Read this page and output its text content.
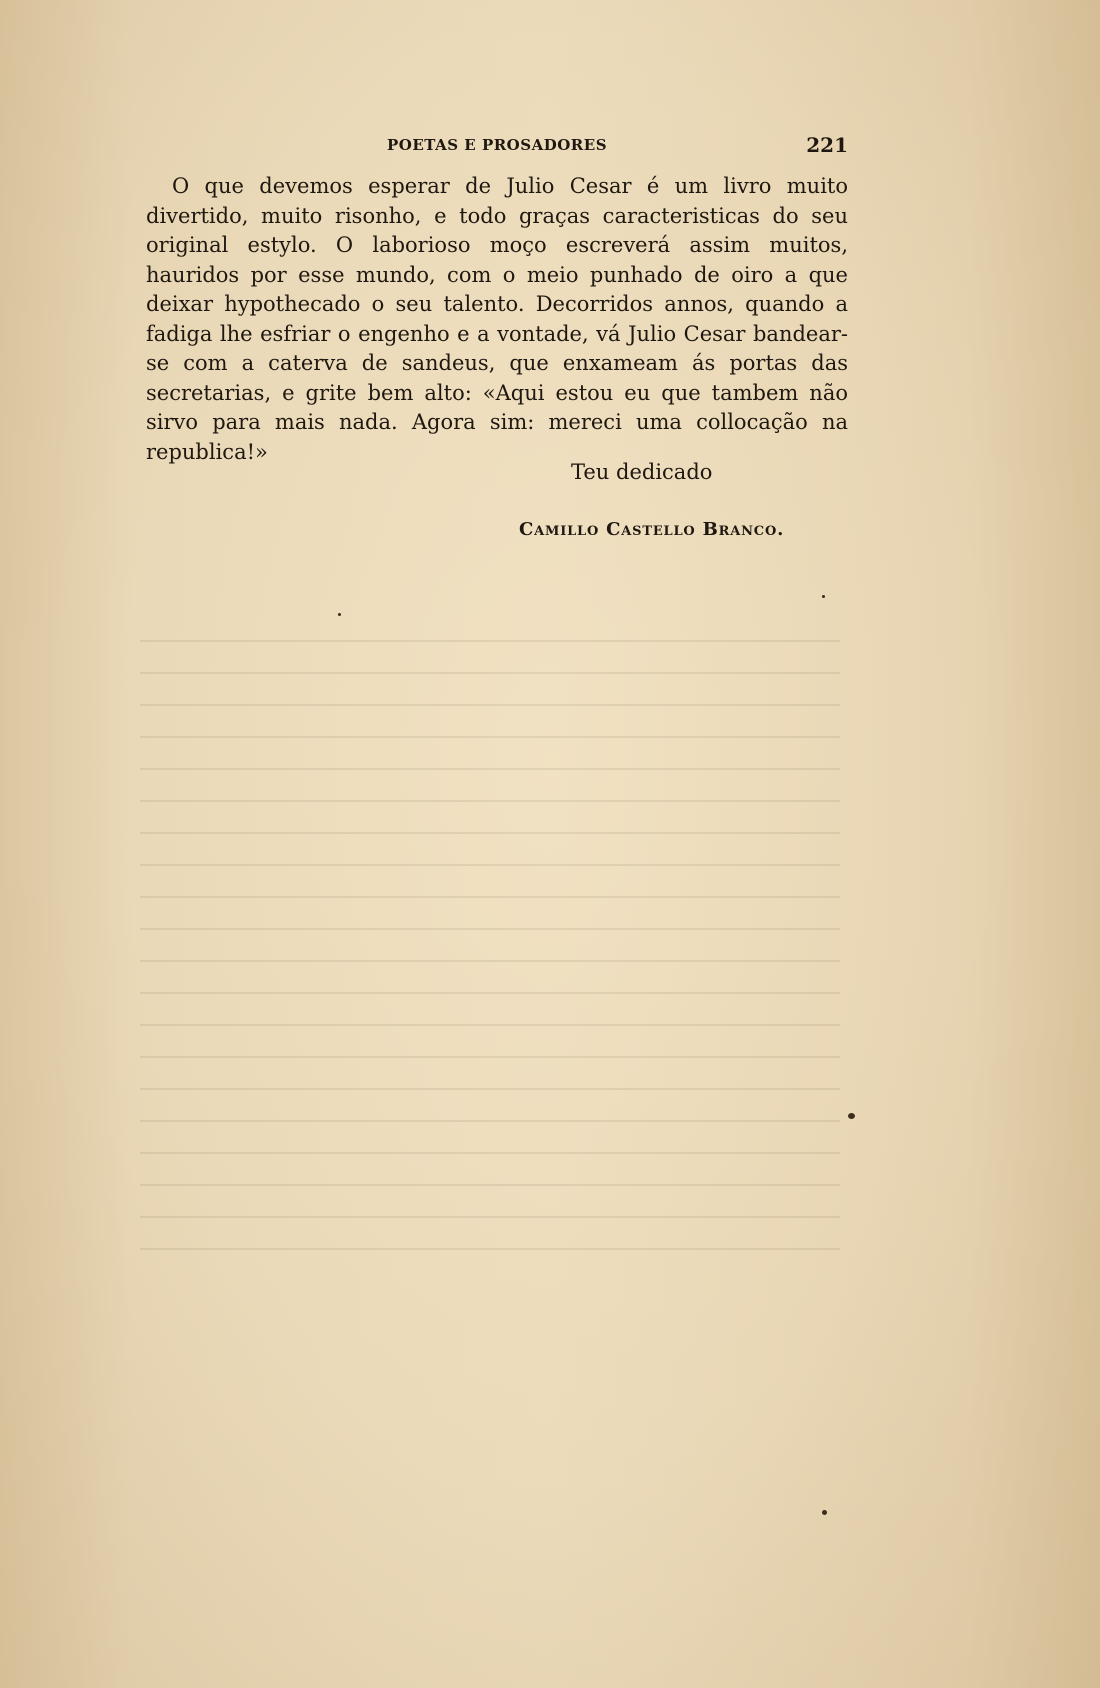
POETAS E PROSADORES	221

O que devemos esperar de Julio Cesar é um livro muito divertido, muito risonho, e todo graças caracteristicas do seu original estylo. O laborioso moço escreverá assim muitos, hauridos por esse mundo, com o meio punhado de oiro a que deixar hypothecado o seu talento. Decorridos annos, quando a fadiga lhe esfriar o engenho e a vontade, vá Julio Cesar bandear-se com a caterva de sandeus, que enxameam ás portas das secretarias, e grite bem alto: «Aqui estou eu que tambem não sirvo para mais nada. Agora sim: mereci uma collocação na republica!»

Teu dedicado
Camillo Castello Branco.
